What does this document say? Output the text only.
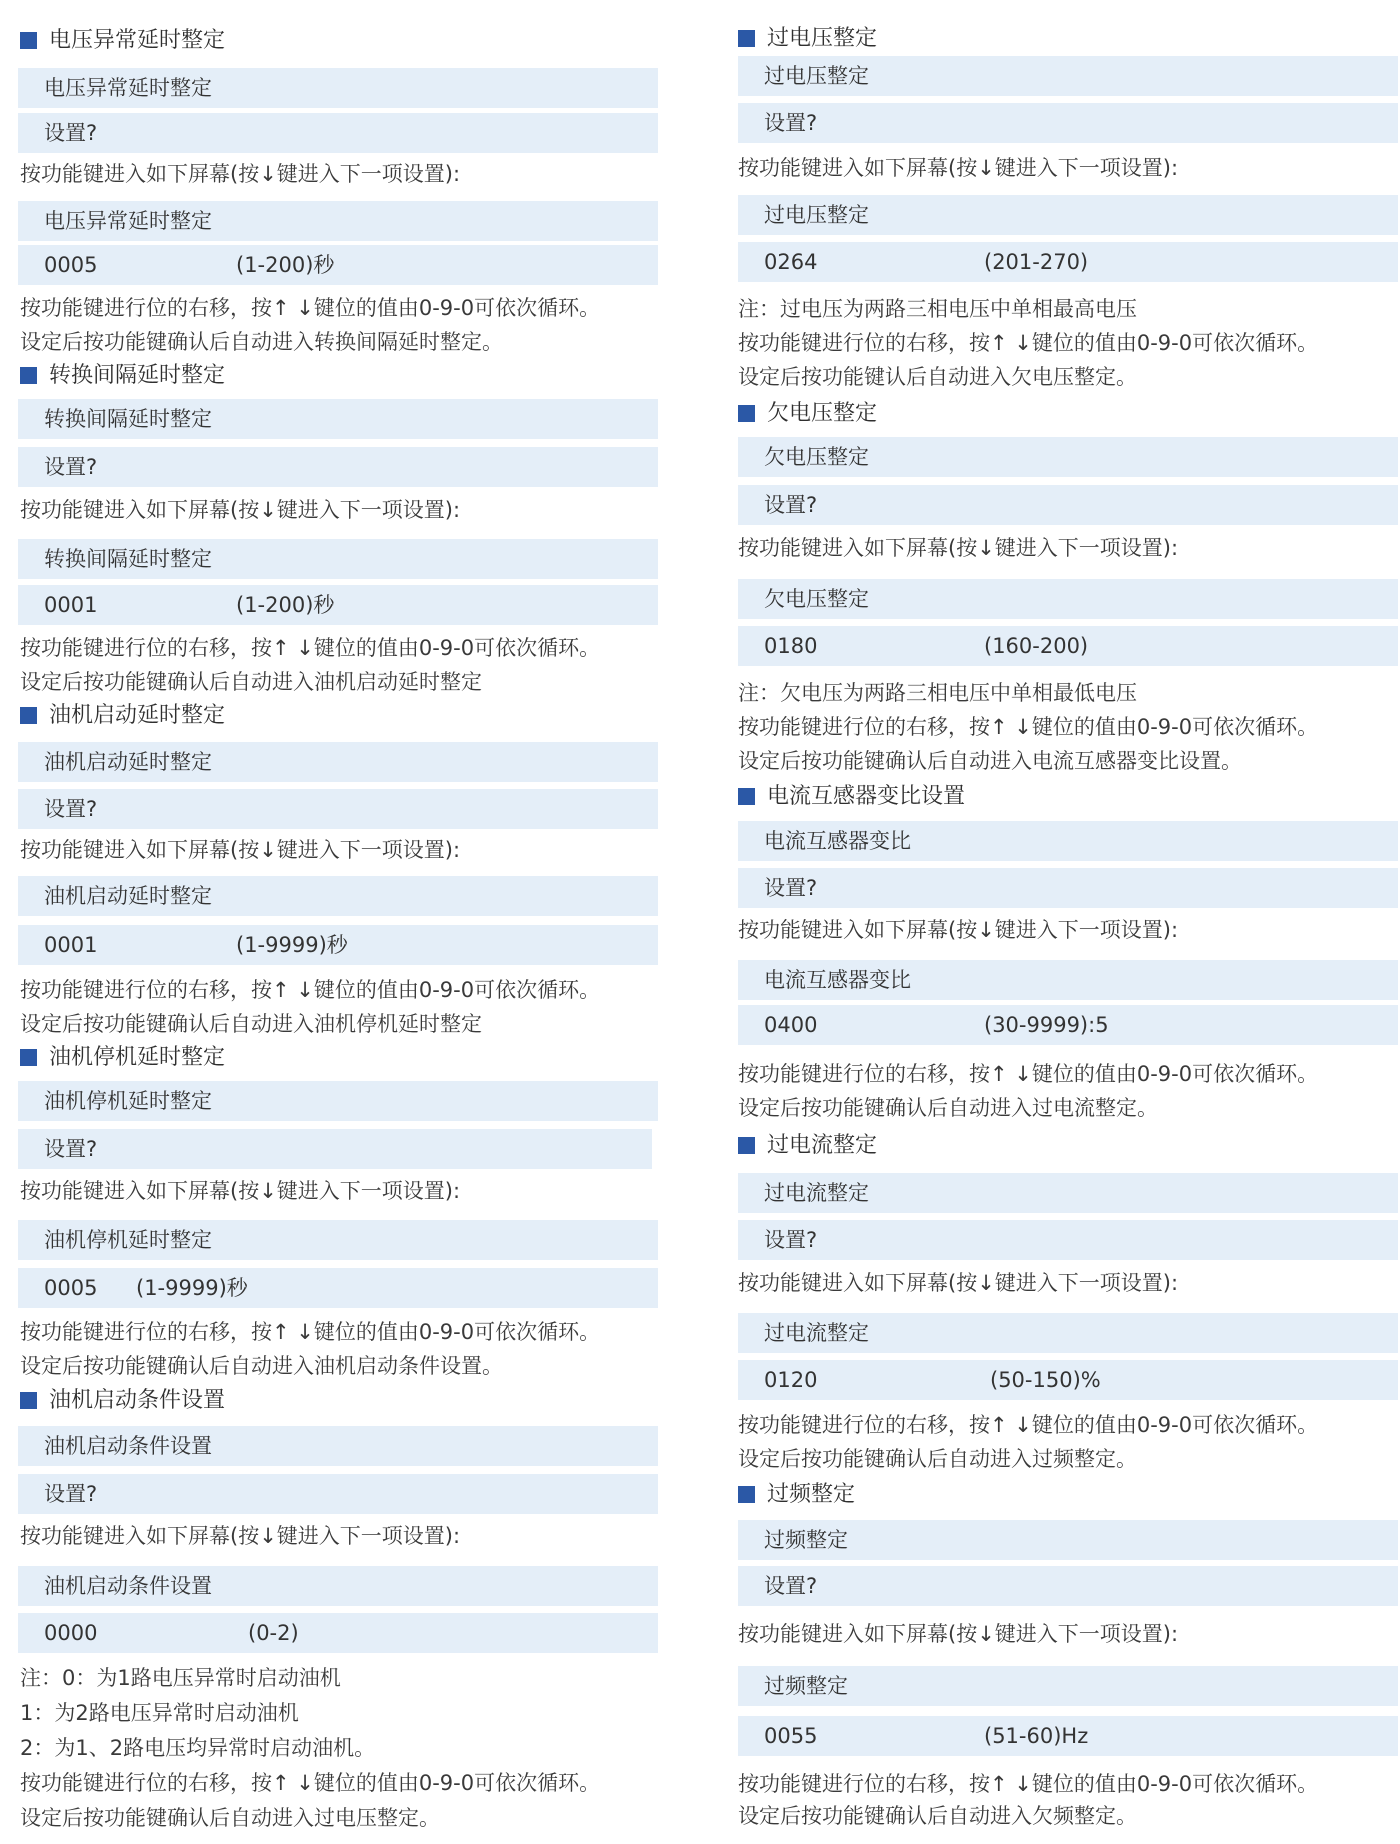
电压异常延时整定
电压异常延时整定
设置?
按功能键进入如下屏幕(按↓键进入下一项设置):
电压异常延时整定
0005	(1-200)秒
按功能键进行位的右移，按↑ ↓键位的值由0-9-0可依次循环。
设定后按功能键确认后自动进入转换间隔延时整定。
转换间隔延时整定
转换间隔延时整定
设置?
按功能键进入如下屏幕(按↓键进入下一项设置):
转换间隔延时整定
0001	(1-200)秒
按功能键进行位的右移，按↑ ↓键位的值由0-9-0可依次循环。
设定后按功能键确认后自动进入油机启动延时整定
油机启动延时整定
油机启动延时整定
设置?
按功能键进入如下屏幕(按↓键进入下一项设置):
油机启动延时整定
0001	(1-9999)秒
按功能键进行位的右移，按↑ ↓键位的值由0-9-0可依次循环。
设定后按功能键确认后自动进入油机停机延时整定
油机停机延时整定
油机停机延时整定
设置?
按功能键进入如下屏幕(按↓键进入下一项设置):
油机停机延时整定
0005 (1-9999)秒
按功能键进行位的右移，按↑ ↓键位的值由0-9-0可依次循环。
设定后按功能键确认后自动进入油机启动条件设置。
油机启动条件设置
油机启动条件设置
设置?
按功能键进入如下屏幕(按↓键进入下一项设置):
油机启动条件设置
0000	(0-2)
注：0：为1路电压异常时启动油机
1：为2路电压异常时启动油机
2：为1、2路电压均异常时启动油机。
按功能键进行位的右移，按↑ ↓键位的值由0-9-0可依次循环。
设定后按功能键确认后自动进入过电压整定。
过电压整定
过电压整定
设置?
按功能键进入如下屏幕(按↓键进入下一项设置):
过电压整定
0264	(201-270)
注：过电压为两路三相电压中单相最高电压
按功能键进行位的右移，按↑ ↓键位的值由0-9-0可依次循环。
设定后按功能键认后自动进入欠电压整定。
欠电压整定
欠电压整定
设置?
按功能键进入如下屏幕(按↓键进入下一项设置):
欠电压整定
0180	(160-200)
注：欠电压为两路三相电压中单相最低电压
按功能键进行位的右移，按↑ ↓键位的值由0-9-0可依次循环。
设定后按功能键确认后自动进入电流互感器变比设置。
电流互感器变比设置
电流互感器变比
设置?
按功能键进入如下屏幕(按↓键进入下一项设置):
电流互感器变比
0400	(30-9999):5
按功能键进行位的右移，按↑ ↓键位的值由0-9-0可依次循环。
设定后按功能键确认后自动进入过电流整定。
过电流整定
过电流整定
设置?
按功能键进入如下屏幕(按↓键进入下一项设置):
过电流整定
0120	(50-150)%
按功能键进行位的右移，按↑ ↓键位的值由0-9-0可依次循环。
设定后按功能键确认后自动进入过频整定。
过频整定
过频整定
设置?
按功能键进入如下屏幕(按↓键进入下一项设置):
过频整定
0055	(51-60)Hz
按功能键进行位的右移，按↑ ↓键位的值由0-9-0可依次循环。
设定后按功能键确认后自动进入欠频整定。
